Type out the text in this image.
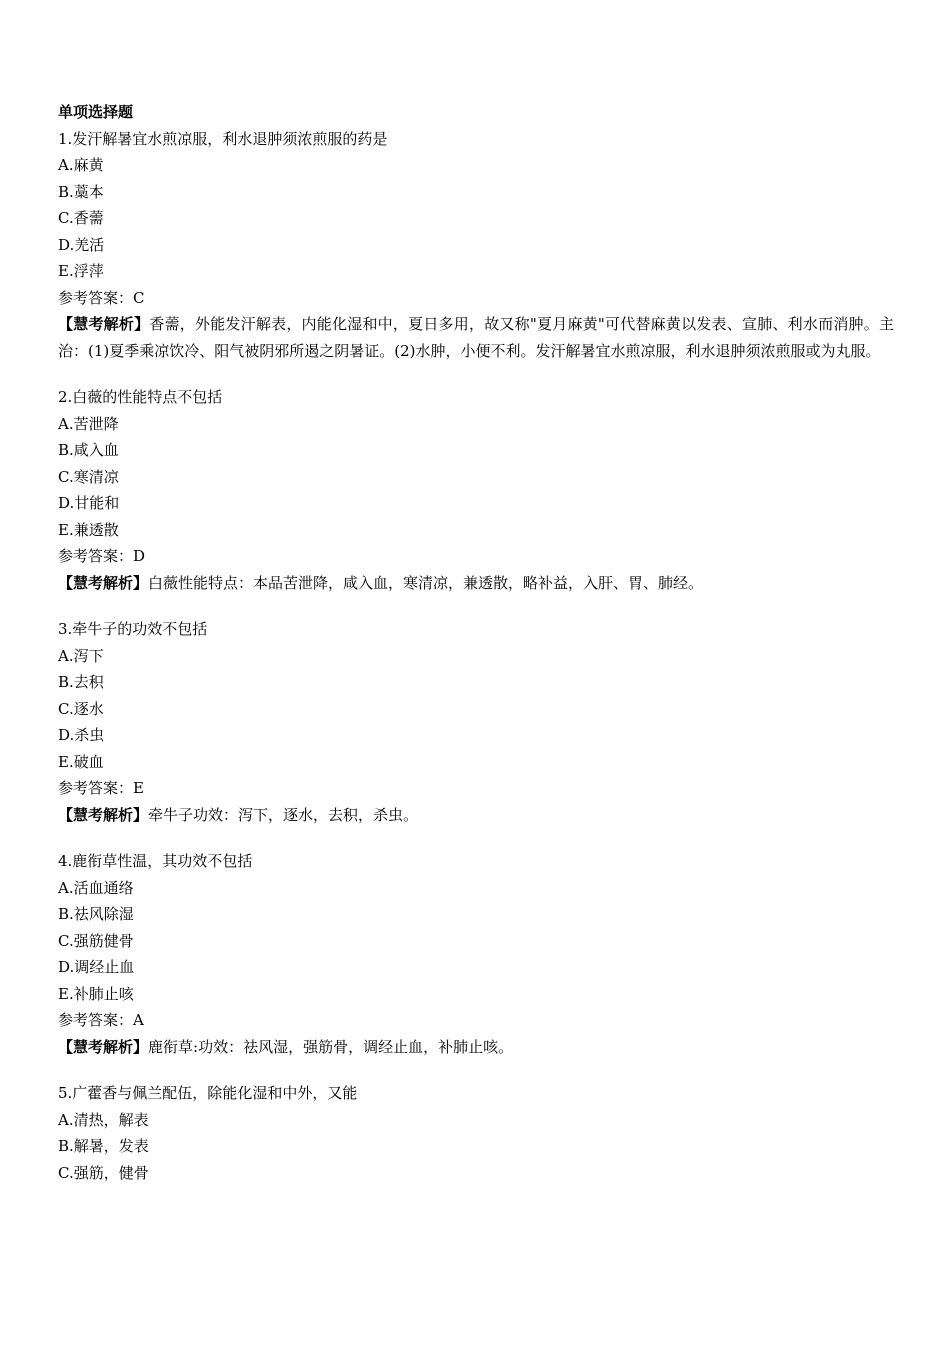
单项选择题
1.发汗解暑宜水煎凉服，利水退肿须浓煎服的药是
A.麻黄
B.藁本
C.香薷
D.羌活
E.浮萍
参考答案：C
【慧考解析】香薷，外能发汗解表，内能化湿和中，夏日多用，故又称"夏月麻黄"可代替麻黄以发表、宣肺、利水而消肿。主治：(1)夏季乘凉饮冷、阳气被阴邪所遏之阴暑证。(2)水肿，小便不利。发汗解暑宜水煎凉服，利水退肿须浓煎服或为丸服。
2.白薇的性能特点不包括
A.苦泄降
B.咸入血
C.寒清凉
D.甘能和
E.兼透散
参考答案：D
【慧考解析】白薇性能特点：本品苦泄降，咸入血，寒清凉，兼透散，略补益，入肝、胃、肺经。
3.牵牛子的功效不包括
A.泻下
B.去积
C.逐水
D.杀虫
E.破血
参考答案：E
【慧考解析】牵牛子功效：泻下，逐水，去积，杀虫。
4.鹿衔草性温，其功效不包括
A.活血通络
B.祛风除湿
C.强筋健骨
D.调经止血
E.补肺止咳
参考答案：A
【慧考解析】鹿衔草:功效：祛风湿，强筋骨，调经止血，补肺止咳。
5.广藿香与佩兰配伍，除能化湿和中外，又能
A.清热，解表
B.解暑，发表
C.强筋，健骨
